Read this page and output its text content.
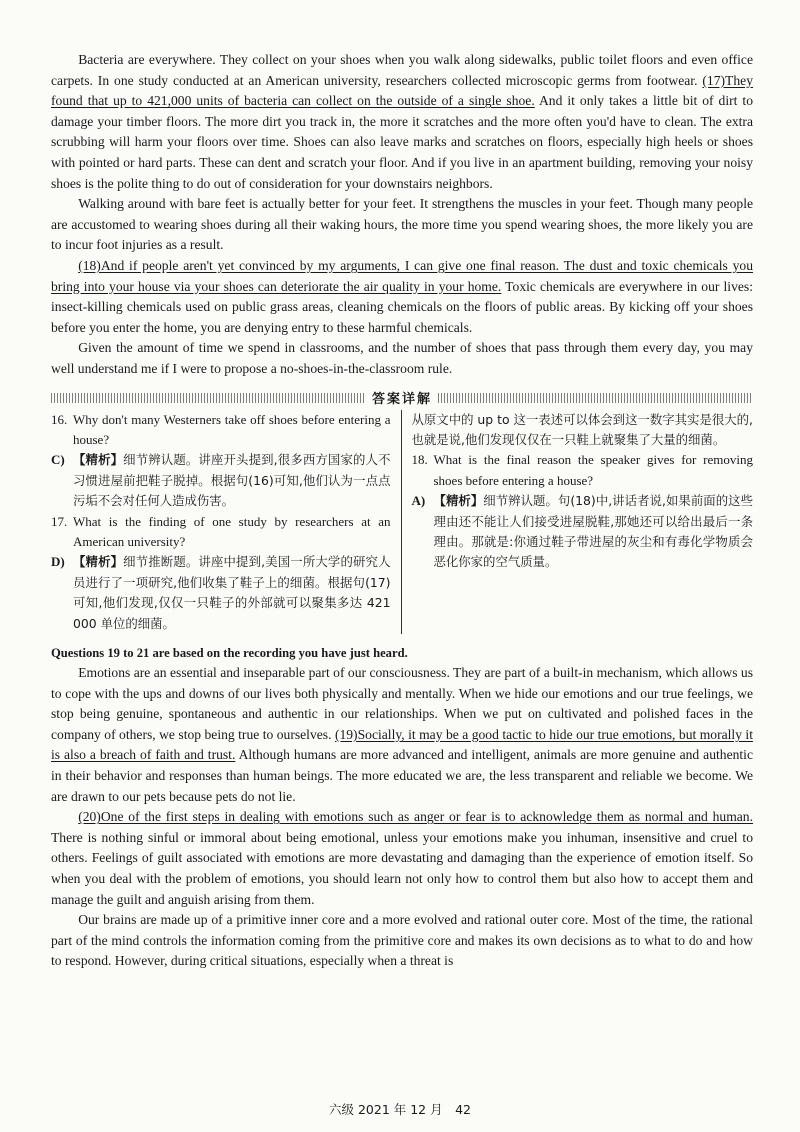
Bacteria are everywhere. They collect on your shoes when you walk along sidewalks, public toilet floors and even office carpets. In one study conducted at an American university, researchers collected microscopic germs from footwear. (17)They found that up to 421,000 units of bacteria can collect on the outside of a single shoe. And it only takes a little bit of dirt to damage your timber floors. The more dirt you track in, the more it scratches and the more often you'd have to clean. The extra scrubbing will harm your floors over time. Shoes can also leave marks and scratches on floors, especially high heels or shoes with pointed or hard parts. These can dent and scratch your floor. And if you live in an apartment building, removing your noisy shoes is the polite thing to do out of consideration for your downstairs neighbors.

Walking around with bare feet is actually better for your feet. It strengthens the muscles in your feet. Though many people are accustomed to wearing shoes during all their waking hours, the more time you spend wearing shoes, the more likely you are to incur foot injuries as a result.

(18)And if people aren't yet convinced by my arguments, I can give one final reason. The dust and toxic chemicals you bring into your house via your shoes can deteriorate the air quality in your home. Toxic chemicals are everywhere in our lives: insect-killing chemicals used on public grass areas, cleaning chemicals on the floors of public areas. By kicking off your shoes before you enter the home, you are denying entry to these harmful chemicals.

Given the amount of time we spend in classrooms, and the number of shoes that pass through them every day, you may well understand me if I were to propose a no-shoes-in-the-classroom rule.

答案详解
16. Why don't many Westerners take off shoes before entering a house?
C) 【精析】细节辨认题。讲座开头提到,很多西方国家的人不习惯进屋前把鞋子脱掉。根据句(16)可知,他们认为一点点污垢不会对任何人造成伤害。
17. What is the finding of one study by researchers at an American university?
D) 【精析】细节推断题。讲座中提到,美国一所大学的研究人员进行了一项研究,他们收集了鞋子上的细菌。根据句(17)可知,他们发现,仅仅一只鞋子的外部就可以聚集多达 421 000 单位的细菌。
从原文中的 up to 这一表述可以体会到这一数字其实是很大的,也就是说,他们发现仅仅在一只鞋上就聚集了大量的细菌。
18. What is the final reason the speaker gives for removing shoes before entering a house?
A) 【精析】细节辨认题。句(18)中,讲话者说,如果前面的这些理由还不能让人们接受进屋脱鞋,那她还可以给出最后一条理由。那就是:你通过鞋子带进屋的灰尘和有毒化学物质会恶化你家的空气质量。
Questions 19 to 21 are based on the recording you have just heard.

Emotions are an essential and inseparable part of our consciousness. They are part of a built-in mechanism, which allows us to cope with the ups and downs of our lives both physically and mentally. When we hide our emotions and our true feelings, we stop being genuine, spontaneous and authentic in our relationships. When we put on cultivated and polished faces in the company of others, we stop being true to ourselves. (19)Socially, it may be a good tactic to hide our true emotions, but morally it is also a breach of faith and trust. Although humans are more advanced and intelligent, animals are more genuine and authentic in their behavior and responses than human beings. The more educated we are, the less transparent and reliable we become. We are drawn to our pets because pets do not lie.

(20)One of the first steps in dealing with emotions such as anger or fear is to acknowledge them as normal and human. There is nothing sinful or immoral about being emotional, unless your emotions make you inhuman, insensitive and cruel to others. Feelings of guilt associated with emotions are more devastating and damaging than the experience of emotion itself. So when you deal with the problem of emotions, you should learn not only how to control them but also how to accept them and manage the guilt and anguish arising from them.

Our brains are made up of a primitive inner core and a more evolved and rational outer core. Most of the time, the rational part of the mind controls the information coming from the primitive core and makes its own decisions as to what to do and how to respond. However, during critical situations, especially when a threat is

六级 2021 年 12 月　42
